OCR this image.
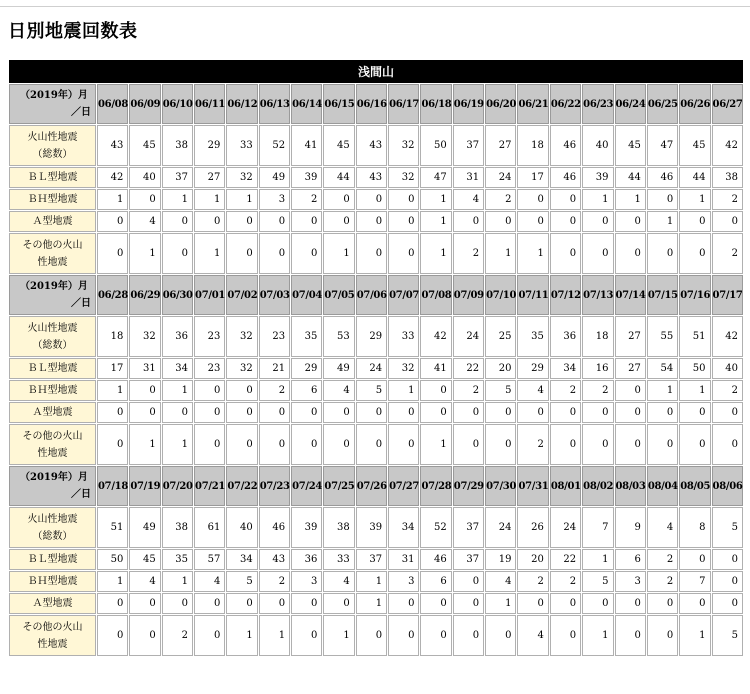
日別地震回数表
浅間山																				

（2019年）月
／日	06/08	06/09	06/10	06/11	06/12	06/13	06/14	06/15	06/16	06/17	06/18	06/19	06/20	06/21	06/22	06/23	06/24	06/25	06/26	06/27

火山性地震
（総数）	43	45	38	29	33	52	41	45	43	32	50	37	27	18	46	40	45	47	45	42

ＢＬ型地震	42	40	37	27	32	49	39	44	43	32	47	31	24	17	46	39	44	46	44	38

ＢＨ型地震	1	0	1	1	1	3	2	0	0	0	1	4	2	0	0	1	1	0	1	2

Ａ型地震	0	4	0	0	0	0	0	0	0	0	1	0	0	0	0	0	0	1	0	0

その他の火山
性地震	0	1	0	1	0	0	0	1	0	0	1	2	1	1	0	0	0	0	0	2

（2019年）月
／日	06/28	06/29	06/30	07/01	07/02	07/03	07/04	07/05	07/06	07/07	07/08	07/09	07/10	07/11	07/12	07/13	07/14	07/15	07/16	07/17

火山性地震
（総数）	18	32	36	23	32	23	35	53	29	33	42	24	25	35	36	18	27	55	51	42

ＢＬ型地震	17	31	34	23	32	21	29	49	24	32	41	22	20	29	34	16	27	54	50	40

ＢＨ型地震	1	0	1	0	0	2	6	4	5	1	0	2	5	4	2	2	0	1	1	2

Ａ型地震	0	0	0	0	0	0	0	0	0	0	0	0	0	0	0	0	0	0	0	0

その他の火山
性地震	0	1	1	0	0	0	0	0	0	0	1	0	0	2	0	0	0	0	0	0

（2019年）月
／日	07/18	07/19	07/20	07/21	07/22	07/23	07/24	07/25	07/26	07/27	07/28	07/29	07/30	07/31	08/01	08/02	08/03	08/04	08/05	08/06

火山性地震
（総数）	51	49	38	61	40	46	39	38	39	34	52	37	24	26	24	7	9	4	8	5

ＢＬ型地震	50	45	35	57	34	43	36	33	37	31	46	37	19	20	22	1	6	2	0	0

ＢＨ型地震	1	4	1	4	5	2	3	4	1	3	6	0	4	2	2	5	3	2	7	0

Ａ型地震	0	0	0	0	0	0	0	0	1	0	0	0	1	0	0	0	0	0	0	0

その他の火山
性地震	0	0	2	0	1	1	0	1	0	0	0	0	0	4	0	1	0	0	1	5
